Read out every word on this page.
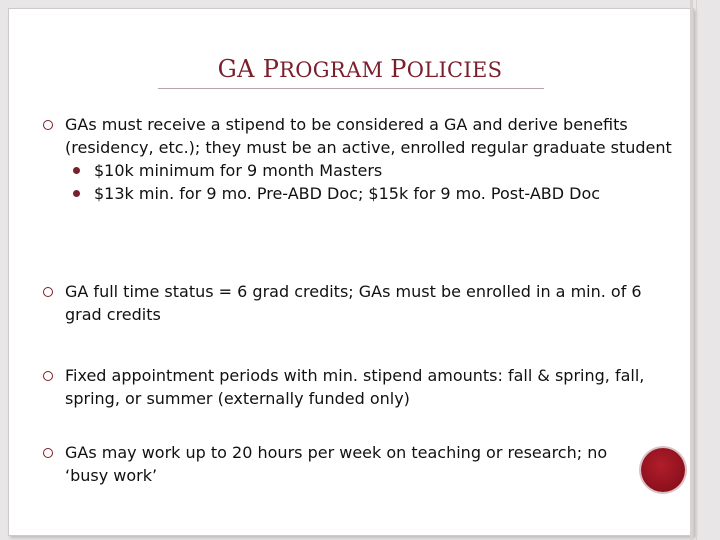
GA PROGRAM POLICIES
GAs must receive a stipend to be considered a GA and derive benefits (residency, etc.); they must be an active, enrolled regular graduate student
$10k minimum for 9 month Masters
$13k min. for 9 mo. Pre-ABD Doc; $15k for 9 mo. Post-ABD Doc
GA full time status = 6 grad credits; GAs must be enrolled in a min. of 6 grad credits
Fixed appointment periods with min. stipend amounts: fall & spring, fall, spring, or summer (externally funded only)
GAs may work up to 20 hours per week on teaching or research; no ‘busy work’
